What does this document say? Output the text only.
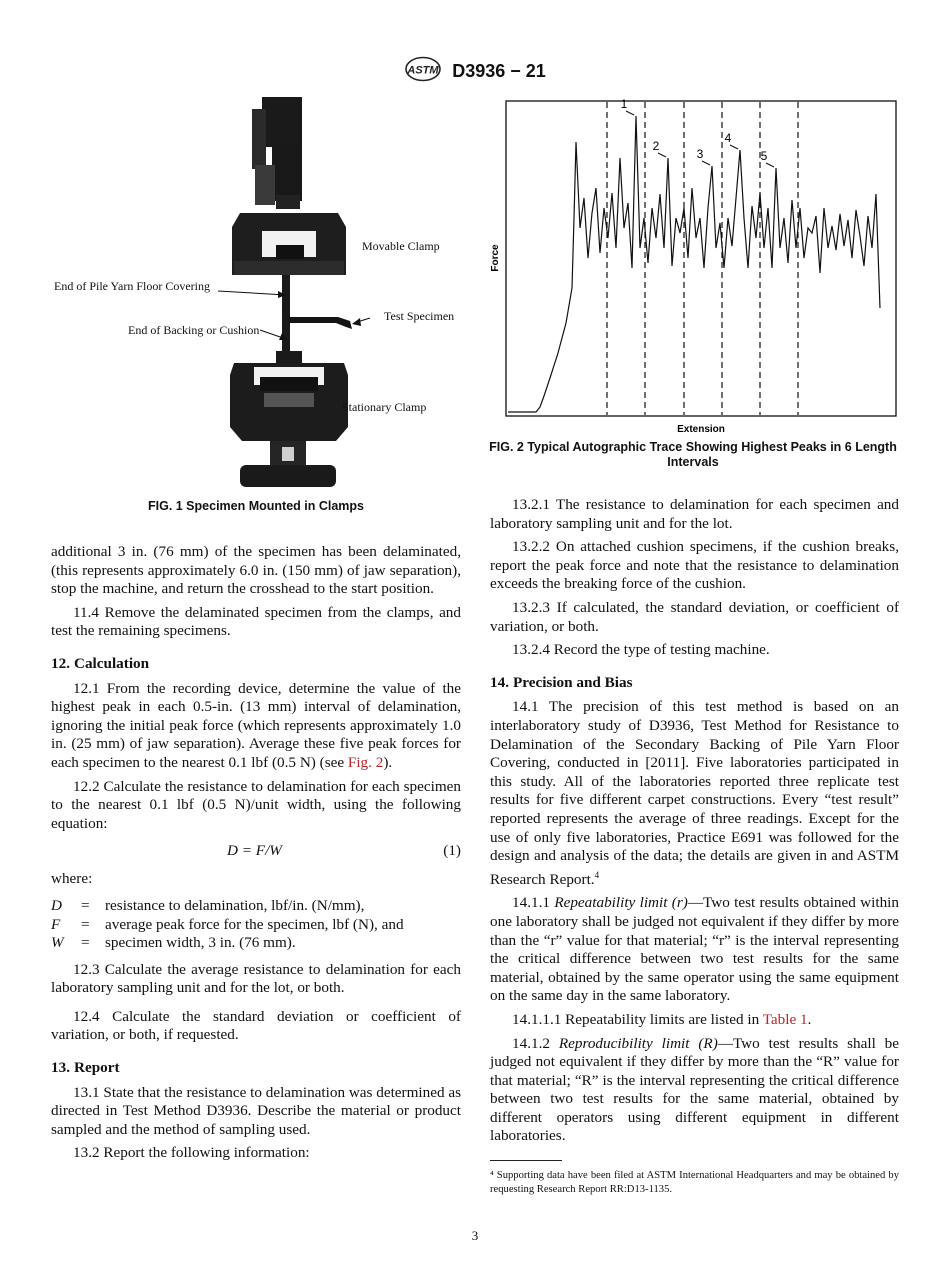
ASTM D3936 − 21
Movable Clamp
End of Pile Yarn Floor Covering
Test Specimen
End of Backing or Cushion
Stationary Clamp
FIG. 1 Specimen Mounted in Clamps
1
2
3
4
5
Extension
Force
FIG. 2 Typical Autographic Trace Showing Highest Peaks in 6 Length Intervals

additional 3 in. (76 mm) of the specimen has been delaminated, (this represents approximately 6.0 in. (150 mm) of jaw separation), stop the machine, and return the crosshead to the start position.

11.4 Remove the delaminated specimen from the clamps, and test the remaining specimens.

12. Calculation

12.1 From the recording device, determine the value of the highest peak in each 0.5-in. (13 mm) interval of delamination, ignoring the initial peak force (which represents approximately 1.0 in. (25 mm) of jaw separation). Average these five peak forces for each specimen to the nearest 0.1 lbf (0.5 N) (see Fig. 2).

12.2 Calculate the resistance to delamination for each specimen to the nearest 0.1 lbf (0.5 N)/unit width, using the following equation:

D = F/W	(1)
where:
D	=	resistance to delamination, lbf/in. (N/mm),
F	=	average peak force for the specimen, lbf (N), and
W	=	specimen width, 3 in. (76 mm).

12.3 Calculate the average resistance to delamination for each laboratory sampling unit and for the lot, or both.

12.4 Calculate the standard deviation or coefficient of variation, or both, if requested.

13. Report

13.1 State that the resistance to delamination was determined as directed in Test Method D3936. Describe the material or product sampled and the method of sampling used.

13.2 Report the following information:

13.2.1 The resistance to delamination for each specimen and laboratory sampling unit and for the lot.

13.2.2 On attached cushion specimens, if the cushion breaks, report the peak force and note that the resistance to delamination exceeds the breaking force of the cushion.

13.2.3 If calculated, the standard deviation, or coefficient of variation, or both.

13.2.4 Record the type of testing machine.

14. Precision and Bias

14.1 The precision of this test method is based on an interlaboratory study of D3936, Test Method for Resistance to Delamination of the Secondary Backing of Pile Yarn Floor Covering, conducted in [2011]. Five laboratories participated in this study. All of the laboratories reported three replicate test results for five different carpet constructions. Every “test result” reported represents the average of three readings. Except for the use of only five laboratories, Practice E691 was followed for the design and analysis of the data; the details are given in and ASTM Research Report.$^4$

14.1.1 Repeatability limit (r)—Two test results obtained within one laboratory shall be judged not equivalent if they differ by more than the “r” value for that material; “r” is the interval representing the critical difference between two test results for the same material, obtained by the same operator using the same equipment on the same day in the same laboratory.

14.1.1.1 Repeatability limits are listed in Table 1.

14.1.2 Reproducibility limit (R)—Two test results shall be judged not equivalent if they differ by more than the “R” value for that material; “R” is the interval representing the critical difference between two test results for the same material, obtained by different operators using different equipment in different laboratories.

⁴ Supporting data have been filed at ASTM International Headquarters and may be obtained by requesting Research Report RR:D13-1135.
3
